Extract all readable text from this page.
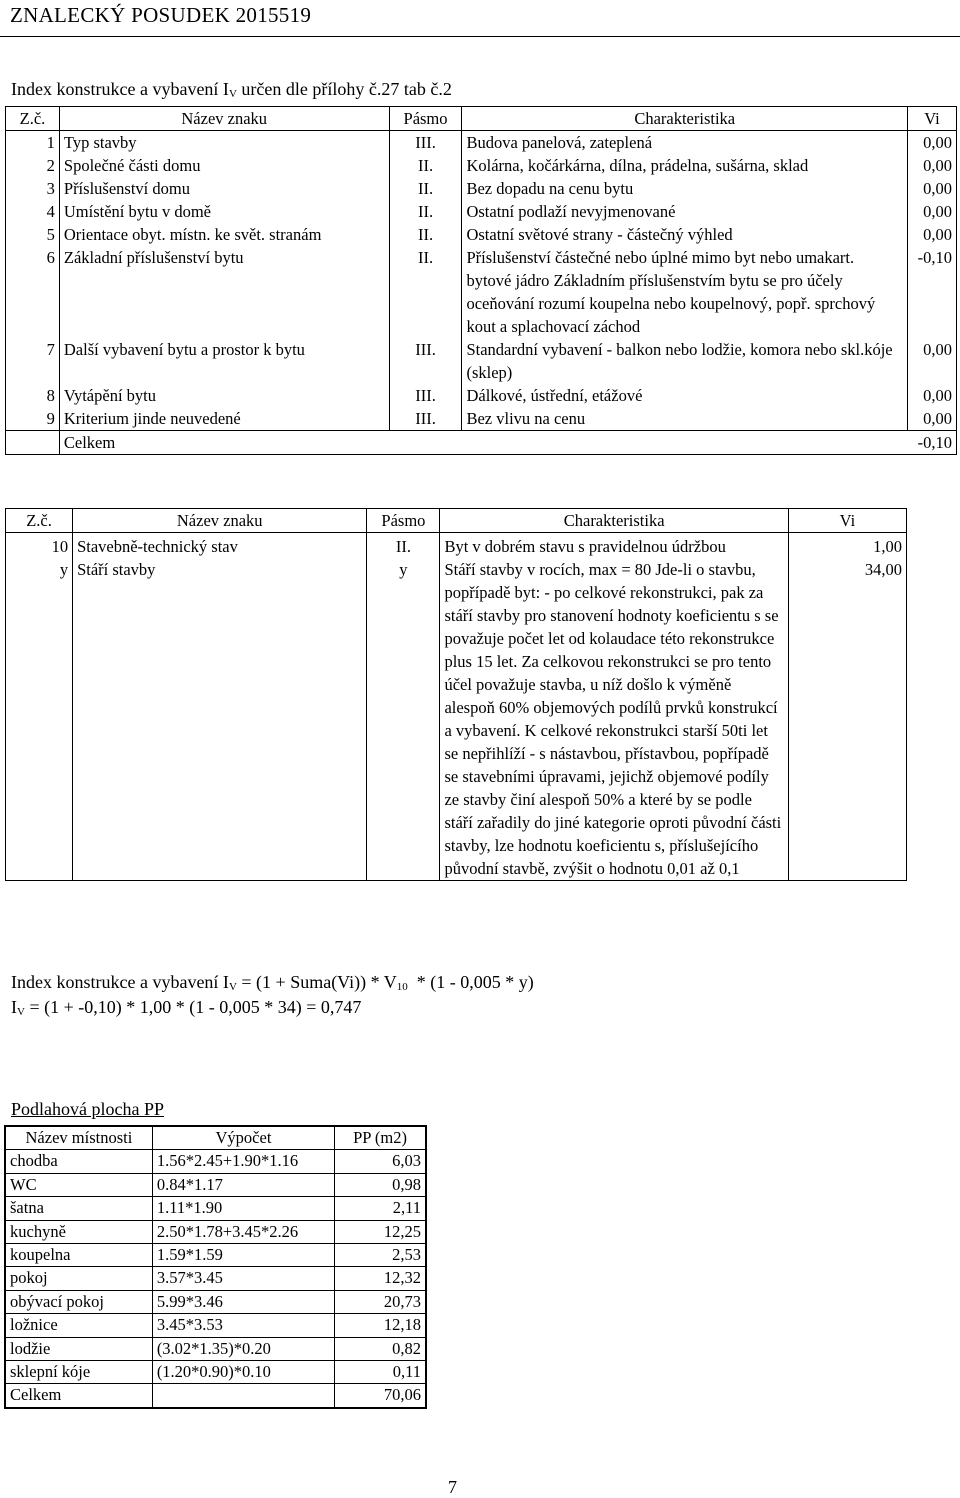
ZNALECKÝ POSUDEK 2015519
Index konstrukce a vybavení $I_V$ určen dle přílohy č.27 tab č.2
Z.č.	Název znaku	Pásmo	Charakteristika	Vi
1	Typ stavby	III.	Budova panelová, zateplená	0,00
2	Společné části domu	II.	Kolárna, kočárkárna, dílna, prádelna, sušárna, sklad	0,00
3	Příslušenství domu	II.	Bez dopadu na cenu bytu	0,00
4	Umístění bytu v domě	II.	Ostatní podlaží nevyjmenované	0,00
5	Orientace obyt. místn. ke svět. stranám	II.	Ostatní světové strany - částečný výhled	0,00
6	Základní příslušenství bytu	II.	Příslušenství částečné nebo úplné mimo byt nebo umakart. bytové jádro Základním příslušenstvím bytu se pro účely oceňování rozumí koupelna nebo koupelnový, popř. sprchový kout a splachovací záchod	-0,10
7	Další vybavení bytu a prostor k bytu	III.	Standardní vybavení - balkon nebo lodžie, komora nebo skl.kóje (sklep)	0,00
8	Vytápění bytu	III.	Dálkové, ústřední, etážové	0,00
9	Kriterium jinde neuvedené	III.	Bez vlivu na cenu	0,00
	Celkem			-0,10
Z.č.	Název znaku	Pásmo	Charakteristika	Vi

10	Stavebně-technický stav	II.	Byt v dobrém stavu s pravidelnou údržbou	1,00
y	Stáří stavby	y	Stáří stavby v rocích, max = 80 Jde-li o stavbu, popřípadě byt: - po celkové rekonstrukci, pak za stáří stavby pro stanovení hodnoty koeficientu s se považuje počet let od kolaudace této rekonstrukce plus 15 let. Za celkovou rekonstrukci se pro tento účel považuje stavba, u níž došlo k výměně alespoň 60% objemových podílů prvků konstrukcí a vybavení. K celkové rekonstrukci starší 50ti let se nepřihlíží - s nástavbou, přístavbou, popřípadě se stavebními úpravami, jejichž objemové podíly ze stavby činí alespoň 50% a které by se podle stáří zařadily do jiné kategorie oproti původní části stavby, lze hodnotu koeficientu s, příslušejícího původní stavbě, zvýšit o hodnotu 0,01 až 0,1	34,00
Index konstrukce a vybavení $I_V = (1$ + Suma(Vi)) * $V_{10} * (1 - 0,005 * y)$
$I_V = (1 + -0,10) * 1,00 * (1 - 0,005 * 34) = 0,747$
Podlahová plocha PP
Název místnosti	Výpočet	PP (m2)
chodba	1.56*2.45+1.90*1.16	6,03
WC	0.84*1.17	0,98
šatna	1.11*1.90	2,11
kuchyně	2.50*1.78+3.45*2.26	12,25
koupelna	1.59*1.59	2,53
pokoj	3.57*3.45	12,32
obývací pokoj	5.99*3.46	20,73
ložnice	3.45*3.53	12,18
lodžie	(3.02*1.35)*0.20	0,82
sklepní kóje	(1.20*0.90)*0.10	0,11
Celkem		70,06
7
